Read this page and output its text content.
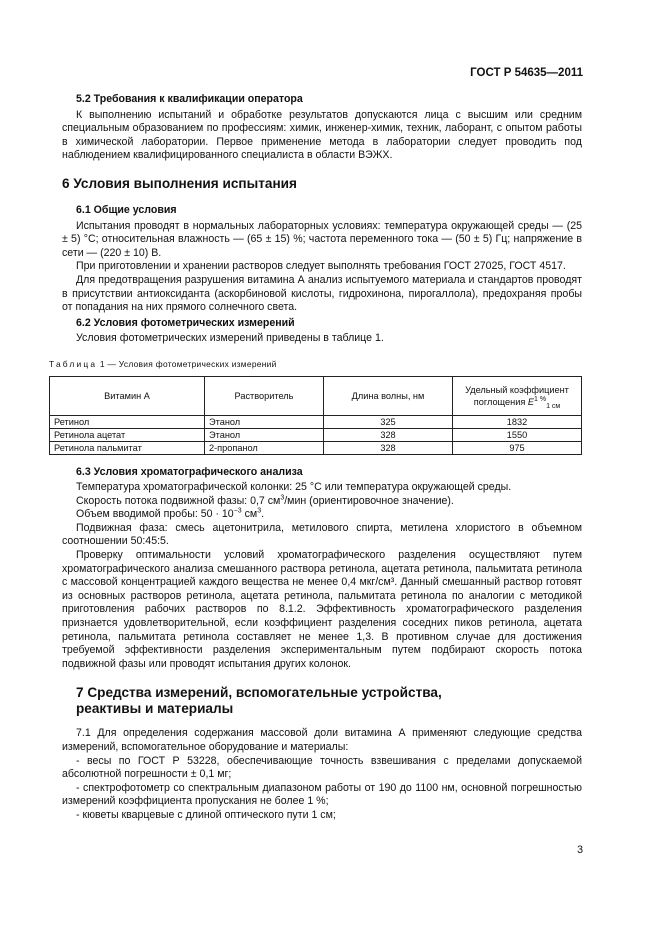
ГОСТ Р 54635—2011
5.2 Требования к квалификации оператора

К выполнению испытаний и обработке результатов допускаются лица с высшим или средним специальным образованием по профессиям: химик, инженер-химик, техник, лаборант, с опытом работы в химической лаборатории. Первое применение метода в лаборатории следует проводить под наблюдением квалифицированного специалиста в области ВЭЖХ.

6 Условия выполнения испытания
6.1 Общие условия

Испытания проводят в нормальных лабораторных условиях: температура окружающей среды — (25 ± 5) °С; относительная влажность — (65 ± 15) %; частота переменного тока — (50 ± 5) Гц; напряжение в сети — (220 ± 10) В.

При приготовлении и хранении растворов следует выполнять требования ГОСТ 27025, ГОСТ 4517.

Для предотвращения разрушения витамина А анализ испытуемого материала и стандартов проводят в присутствии антиоксиданта (аскорбиновой кислоты, гидрохинона, пирогаллола), предохраняя пробы от попадания на них прямого солнечного света.

6.2 Условия фотометрических измерений

Условия фотометрических измерений приведены в таблице 1.

Таблица 1 — Условия фотометрических измерений
Витамин А	Растворитель	Длина волны, нм	Удельный коэффициент поглощения $E^{1 \%}_{1 см}$
Ретинол	Этанол	325	1832
Ретинола ацетат	Этанол	328	1550
Ретинола пальмитат	2-пропанол	328	975
6.3 Условия хроматографического анализа

Температура хроматографической колонки: 25 °С или температура окружающей среды.

Скорость потока подвижной фазы: 0,7 $см^3$/мин (ориентировочное значение).

Объем вводимой пробы: $50 \cdot 10^{-3}$ $см^3$.

Подвижная фаза: смесь ацетонитрила, метилового спирта, метилена хлористого в объемном соотношении 50:45:5.

Проверку оптимальности условий хроматографического разделения осуществляют путем хроматографического анализа смешанного раствора ретинола, ацетата ретинола, пальмитата ретинола с массовой концентрацией каждого вещества не менее 0,4 мкг/см³. Данный смешанный раствор готовят из основных растворов ретинола, ацетата ретинола, пальмитата ретинола по аналогии с методикой приготовления рабочих растворов по 8.1.2. Эффективность хроматографического разделения признается удовлетворительной, если коэффициент разделения соседних пиков ретинола, ацетата ретинола, пальмитата ретинола составляет не менее 1,3. В противном случае для достижения требуемой эффективности разделения экспериментальным путем подбирают скорость потока подвижной фазы или проводят испытания других колонок.

7 Средства измерений, вспомогательные устройства,
реактивы и материалы

7.1 Для определения содержания массовой доли витамина А применяют следующие средства измерений, вспомогательное оборудование и материалы:

- весы по ГОСТ Р 53228, обеспечивающие точность взвешивания с пределами допускаемой абсолютной погрешности ± 0,1 мг;

- спектрофотометр со спектральным диапазоном работы от 190 до 1100 нм, основной погрешностью измерений коэффициента пропускания не более 1 %;

- кюветы кварцевые с длиной оптического пути 1 см;

3
